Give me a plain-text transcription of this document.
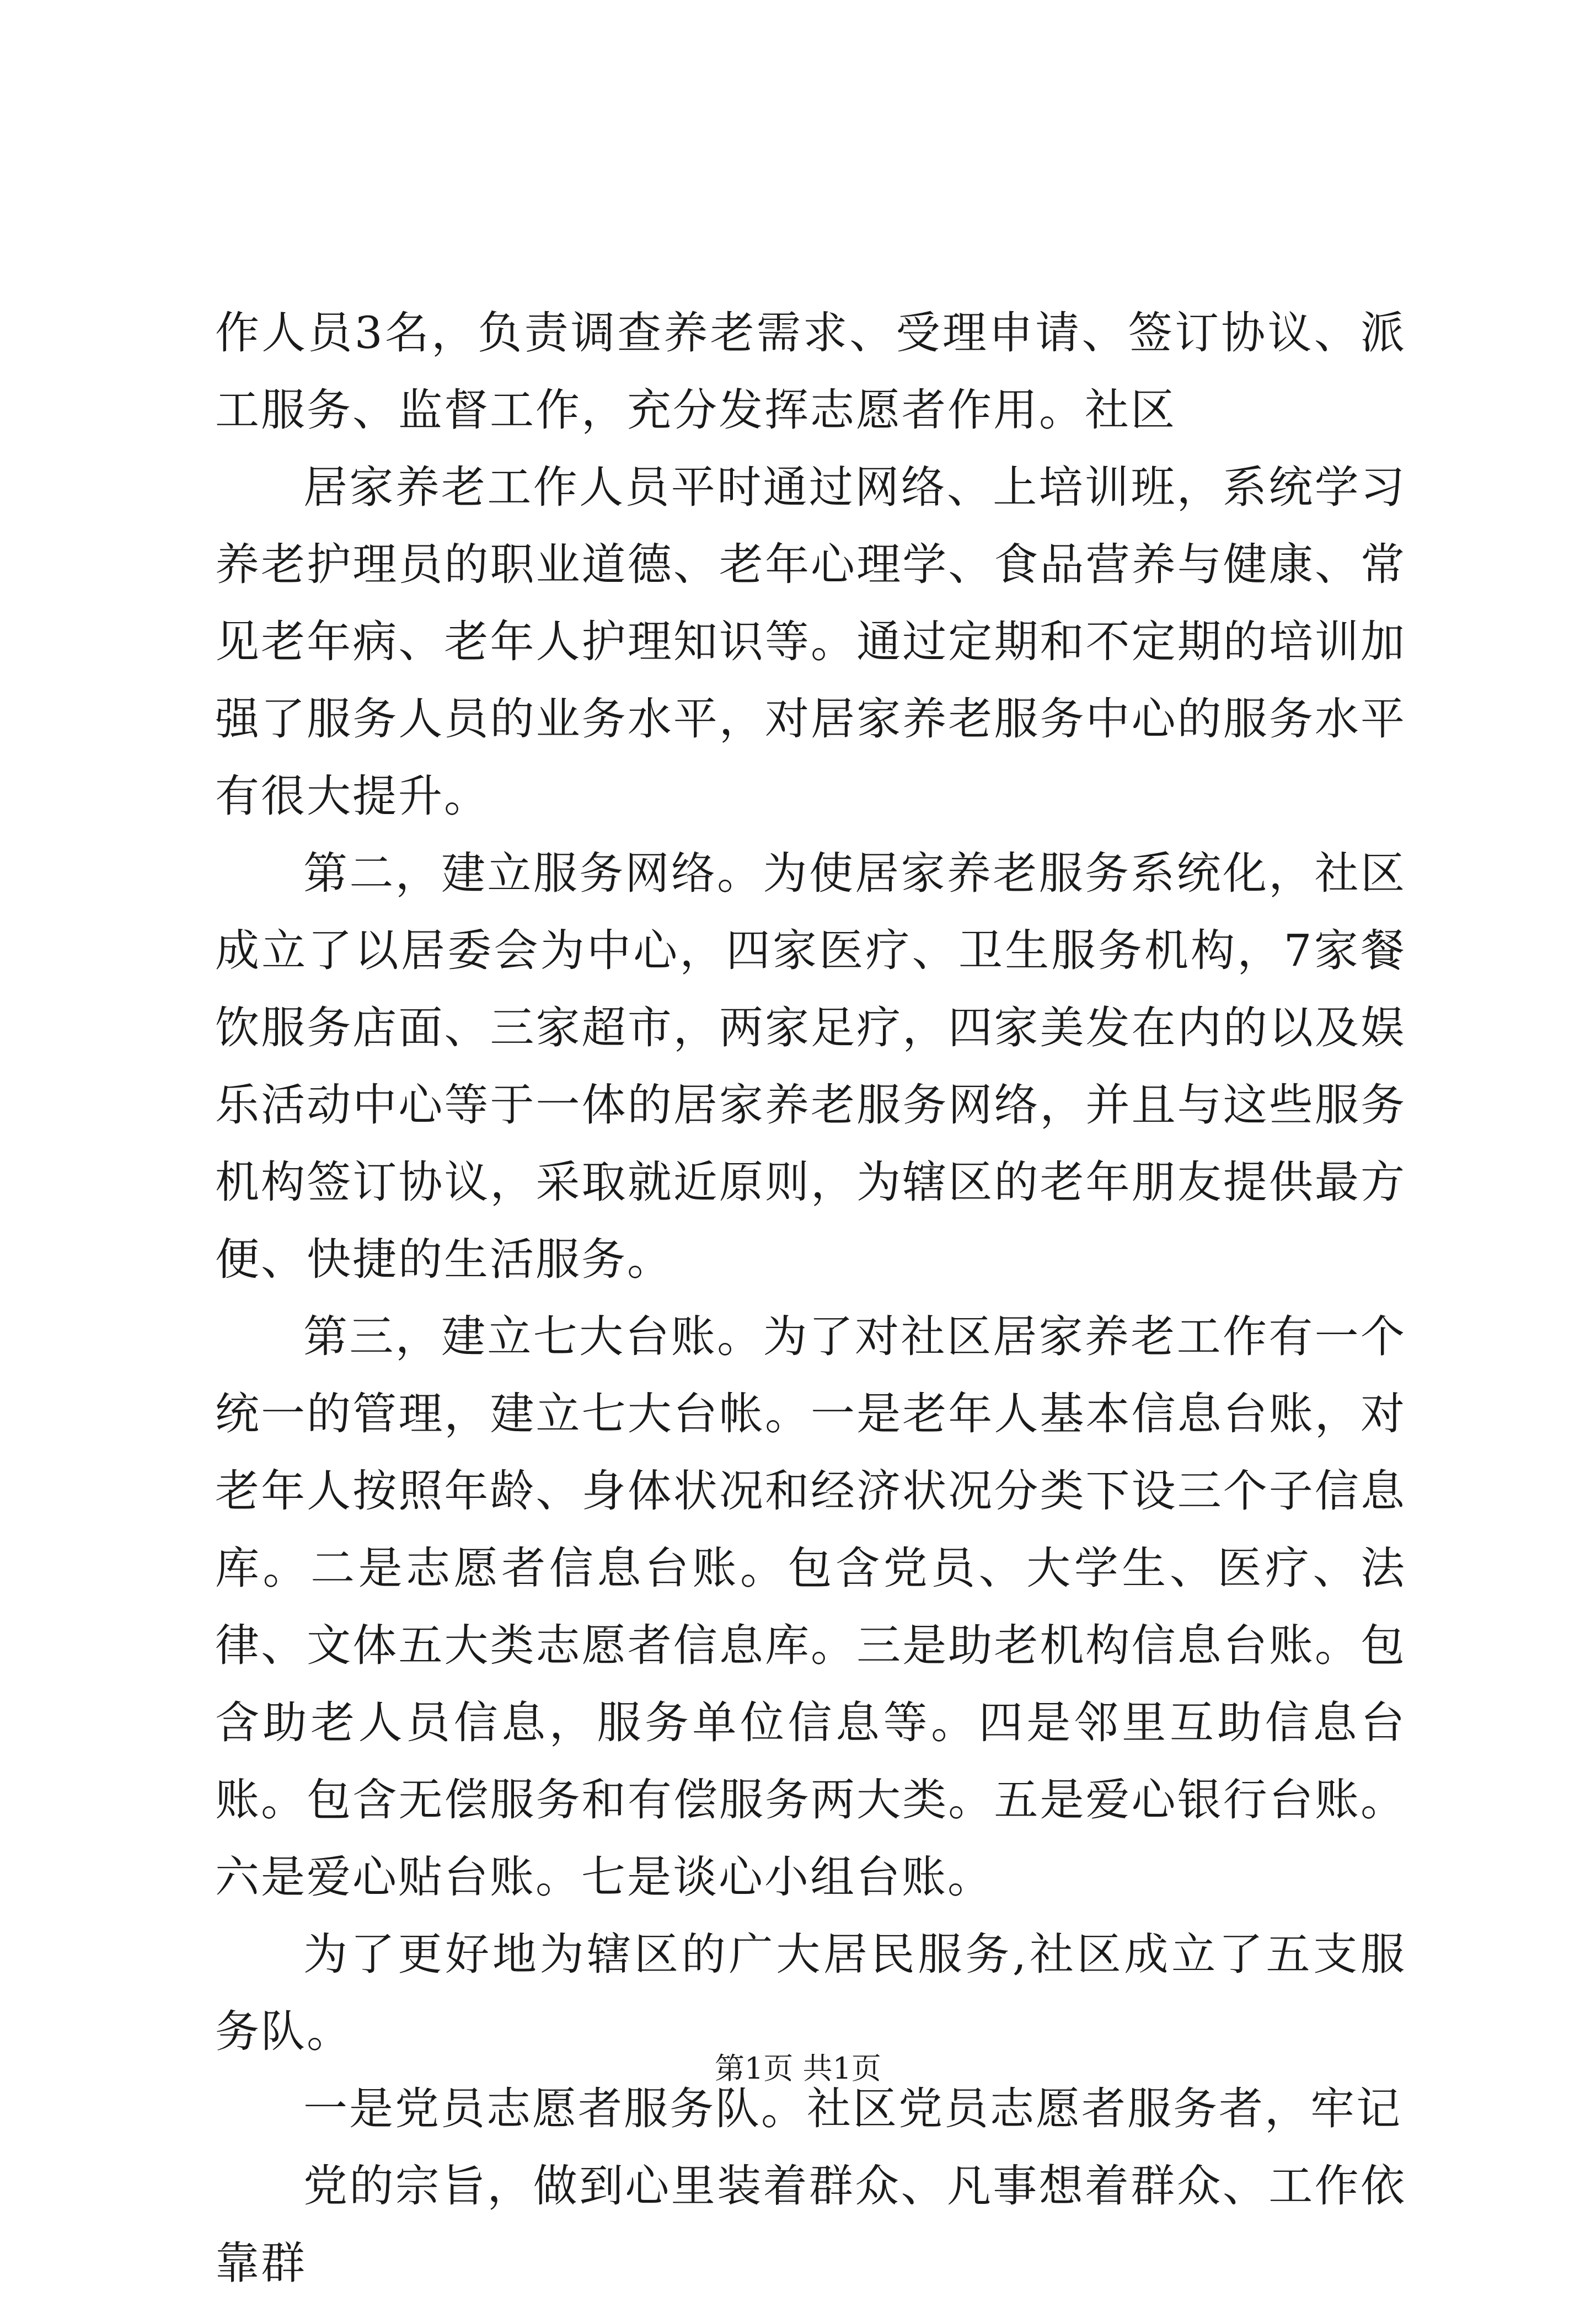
作人员3名，负责调查养老需求、受理申请、签订协议、派工服务、监督工作，充分发挥志愿者作用。社区

居家养老工作人员平时通过网络、上培训班，系统学习养老护理员的职业道德、老年心理学、食品营养与健康、常见老年病、老年人护理知识等。通过定期和不定期的培训加强了服务人员的业务水平，对居家养老服务中心的服务水平有很大提升。

第二，建立服务网络。为使居家养老服务系统化，社区成立了以居委会为中心，四家医疗、卫生服务机构，7家餐饮服务店面、三家超市，两家足疗，四家美发在内的以及娱乐活动中心等于一体的居家养老服务网络，并且与这些服务机构签订协议，采取就近原则，为辖区的老年朋友提供最方便、快捷的生活服务。

第三，建立七大台账。为了对社区居家养老工作有一个统一的管理，建立七大台帐。一是老年人基本信息台账，对老年人按照年龄、身体状况和经济状况分类下设三个子信息库。二是志愿者信息台账。包含党员、大学生、医疗、法律、文体五大类志愿者信息库。三是助老机构信息台账。包含助老人员信息，服务单位信息等。四是邻里互助信息台账。包含无偿服务和有偿服务两大类。五是爱心银行台账。六是爱心贴台账。七是谈心小组台账。

为了更好地为辖区的广大居民服务,社区成立了五支服务队。

一是党员志愿者服务队。社区党员志愿者服务者，牢记

党的宗旨，做到心里装着群众、凡事想着群众、工作依靠群

第1页 共1页
